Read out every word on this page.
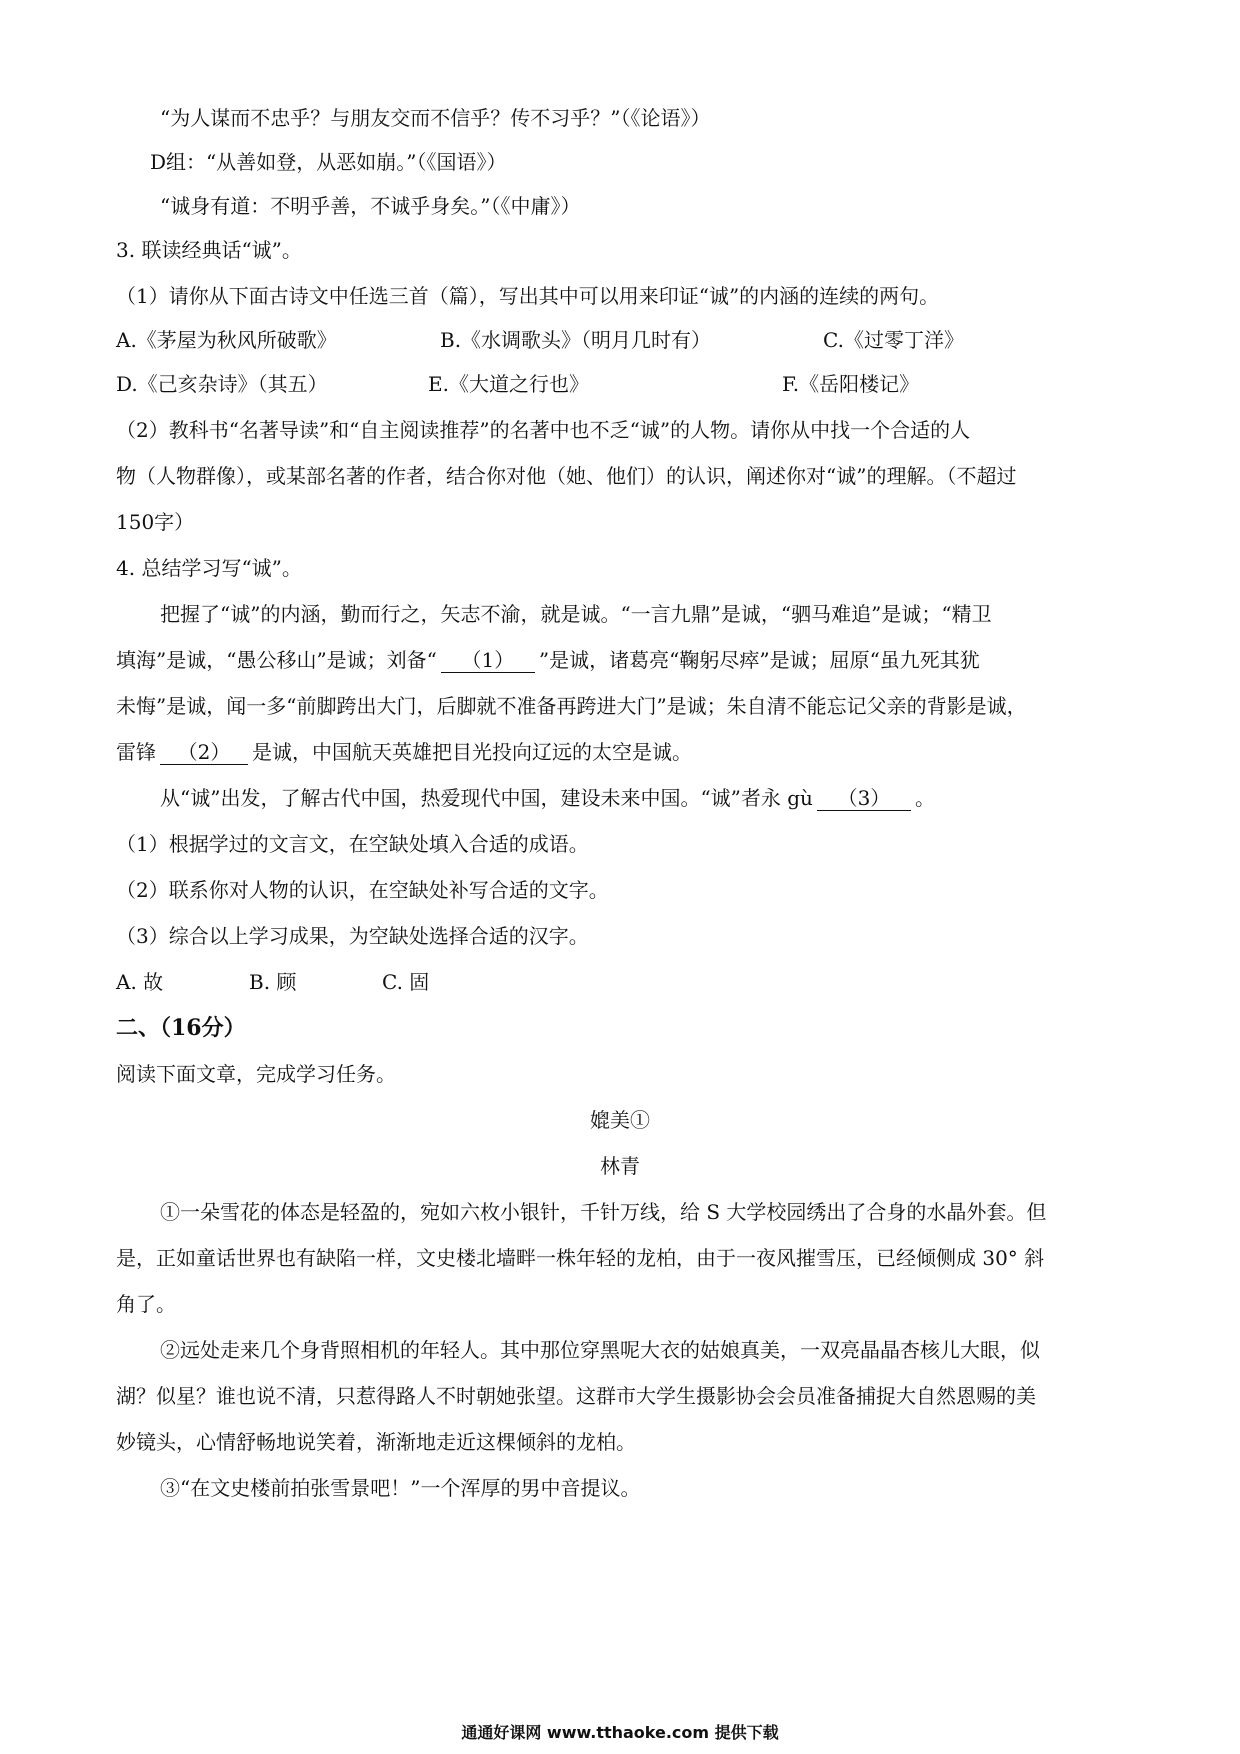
“为人谋而不忠乎？与朋友交而不信乎？传不习乎？”（《论语》）
D组：“从善如登，从恶如崩。”（《国语》）
“诚身有道：不明乎善，不诚乎身矣。”（《中庸》）
3. 联读经典话“诚”。
（1）请你从下面古诗文中任选三首（篇），写出其中可以用来印证“诚”的内涵的连续的两句。
A.《茅屋为秋风所破歌》	B.《水调歌头》（明月几时有）	C.《过零丁洋》
D.《己亥杂诗》（其五）	E.《大道之行也》	F.《岳阳楼记》
（2）教科书“名著导读”和“自主阅读推荐”的名著中也不乏“诚”的人物。请你从中找一个合适的人
物（人物群像），或某部名著的作者，结合你对他（她、他们）的认识，阐述你对“诚”的理解。（不超过
150字）
4. 总结学习写“诚”。
把握了“诚”的内涵，勤而行之，矢志不渝，就是诚。“一言九鼎”是诚，“驷马难追”是诚；“精卫
填海”是诚，“愚公移山”是诚；刘备“ （1） ”是诚，诸葛亮“鞠躬尽瘁”是诚；屈原“虽九死其犹
未悔”是诚，闻一多“前脚跨出大门，后脚就不准备再跨进大门”是诚；朱自清不能忘记父亲的背影是诚，
雷锋 （2） 是诚，中国航天英雄把目光投向辽远的太空是诚。
从“诚”出发，了解古代中国，热爱现代中国，建设未来中国。“诚”者永 gù （3） 。
（1）根据学过的文言文，在空缺处填入合适的成语。
（2）联系你对人物的认识，在空缺处补写合适的文字。
（3）综合以上学习成果，为空缺处选择合适的汉字。
A. 故	B. 顾	C. 固
二、（16分）
阅读下面文章，完成学习任务。
媲美①
林青
①一朵雪花的体态是轻盈的，宛如六枚小银针，千针万线，给 S 大学校园绣出了合身的水晶外套。但
是，正如童话世界也有缺陷一样，文史楼北墙畔一株年轻的龙柏，由于一夜风摧雪压，已经倾侧成 30° 斜
角了。
②远处走来几个身背照相机的年轻人。其中那位穿黑呢大衣的姑娘真美，一双亮晶晶杏核儿大眼，似
湖？似星？谁也说不清，只惹得路人不时朝她张望。这群市大学生摄影协会会员准备捕捉大自然恩赐的美
妙镜头，心情舒畅地说笑着，渐渐地走近这棵倾斜的龙柏。
③“在文史楼前拍张雪景吧！”一个浑厚的男中音提议。
通通好课网 www.tthaoke.com 提供下载
